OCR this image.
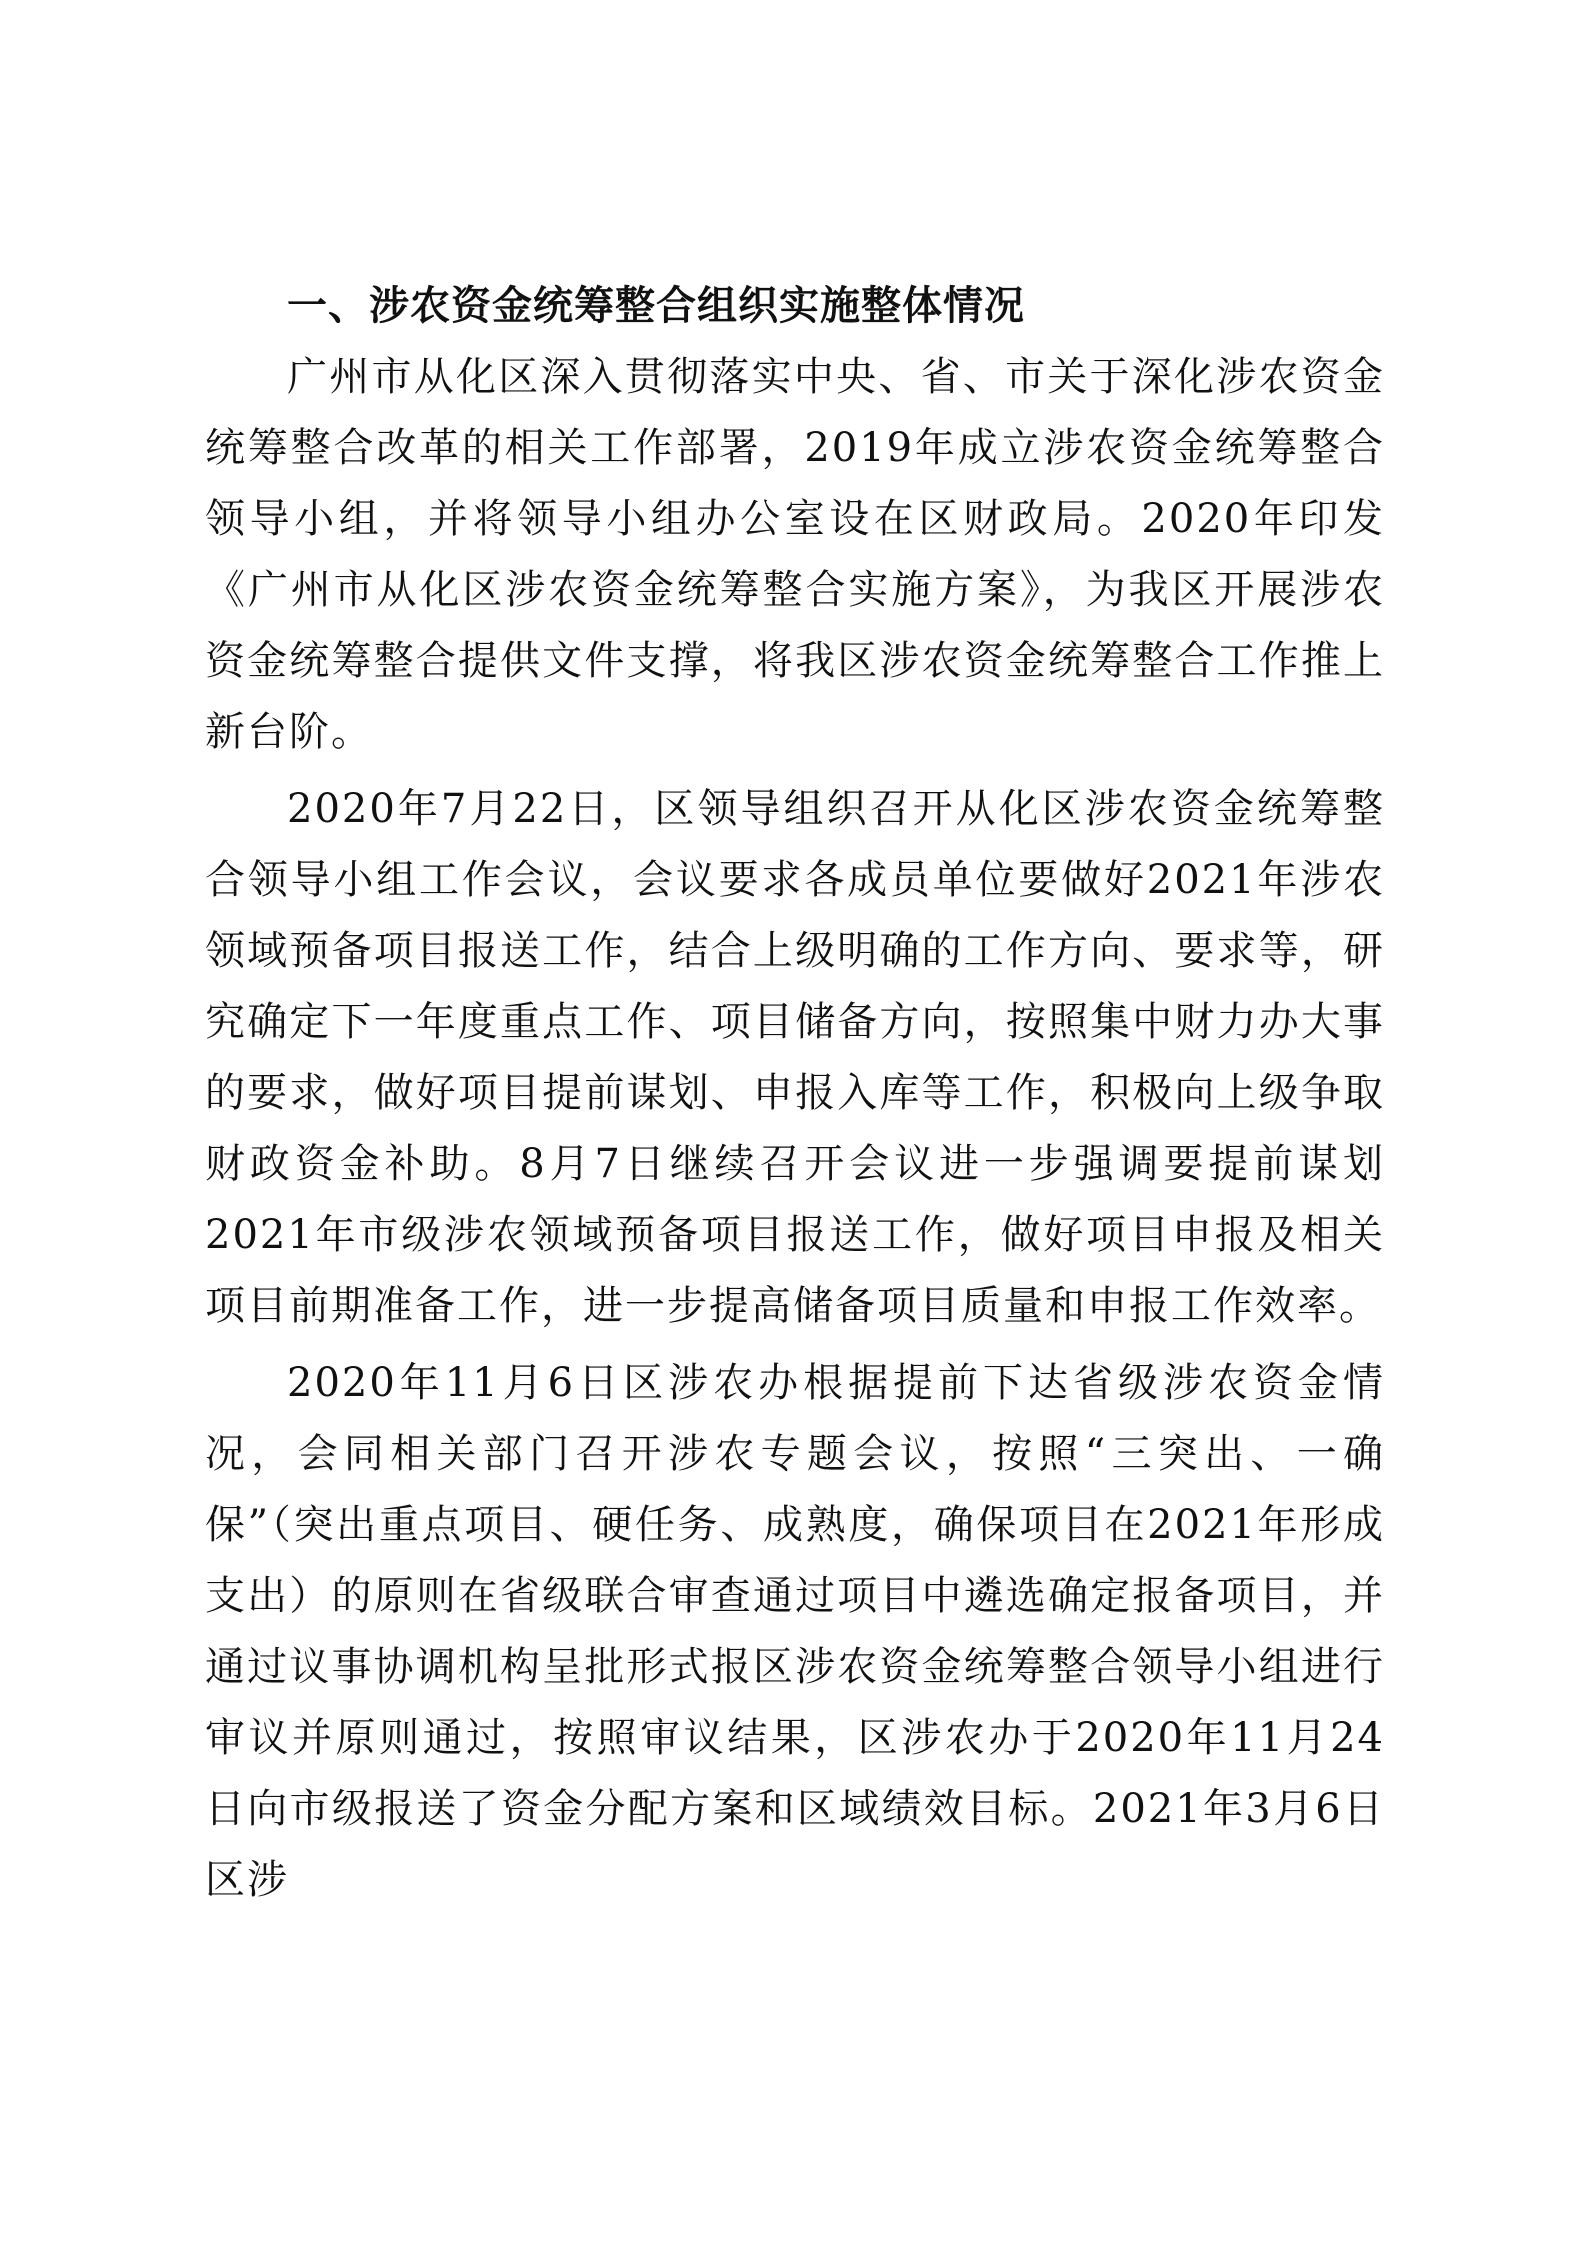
一、涉农资金统筹整合组织实施整体情况

广州市从化区深入贯彻落实中央、省、市关于深化涉农资金统筹整合改革的相关工作部署，2019年成立涉农资金统筹整合领导小组，并将领导小组办公室设在区财政局。2020年印发《广州市从化区涉农资金统筹整合实施方案》，为我区开展涉农资金统筹整合提供文件支撑，将我区涉农资金统筹整合工作推上新台阶。

2020年7月22日，区领导组织召开从化区涉农资金统筹整合领导小组工作会议，会议要求各成员单位要做好2021年涉农领域预备项目报送工作，结合上级明确的工作方向、要求等，研究确定下一年度重点工作、项目储备方向，按照集中财力办大事的要求，做好项目提前谋划、申报入库等工作，积极向上级争取财政资金补助。8月7日继续召开会议进一步强调要提前谋划2021年市级涉农领域预备项目报送工作，做好项目申报及相关项目前期准备工作，进一步提高储备项目质量和申报工作效率。

2020年11月6日区涉农办根据提前下达省级涉农资金情况，会同相关部门召开涉农专题会议，按照“三突出、一确保”（突出重点项目、硬任务、成熟度，确保项目在2021年形成支出）的原则在省级联合审查通过项目中遴选确定报备项目，并通过议事协调机构呈批形式报区涉农资金统筹整合领导小组进行审议并原则通过，按照审议结果，区涉农办于2020年11月24日向市级报送了资金分配方案和区域绩效目标。2021年3月6日区涉
